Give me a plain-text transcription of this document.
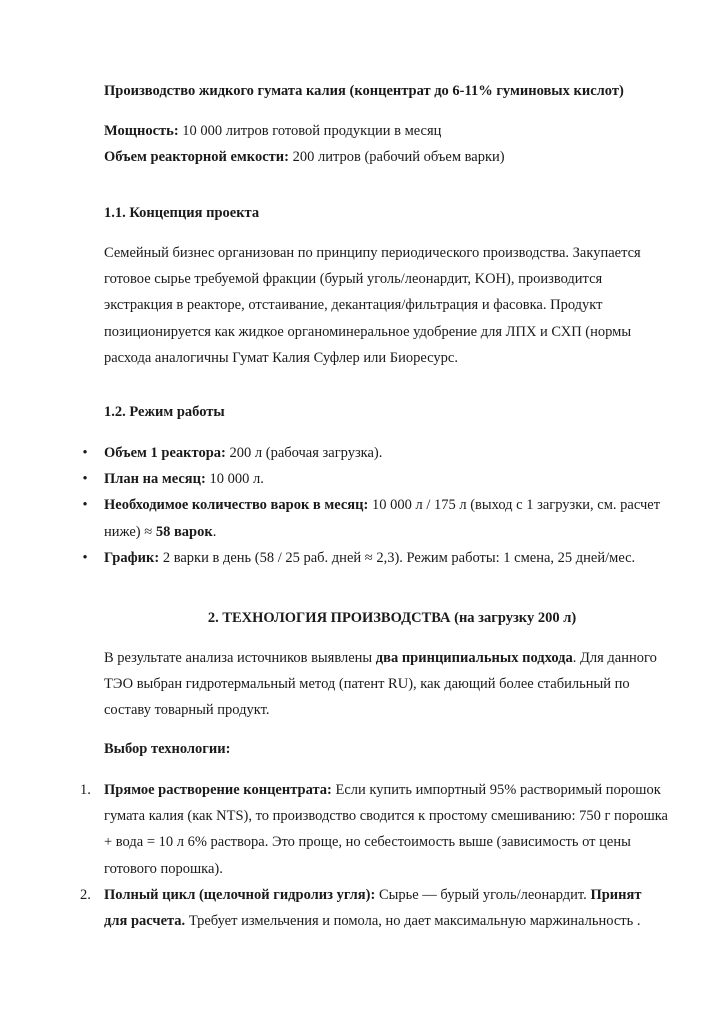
Производство жидкого гумата калия (концентрат до 6-11% гуминовых кислот)
Мощность: 10 000 литров готовой продукции в месяц
Объем реакторной емкости: 200 литров (рабочий объем варки)
1.1. Концепция проекта
Семейный бизнес организован по принципу периодического производства. Закупается готовое сырье требуемой фракции (бурый уголь/леонардит, KOH), производится экстракция в реакторе, отстаивание, декантация/фильтрация и фасовка. Продукт позиционируется как жидкое органоминеральное удобрение для ЛПХ и СХП (нормы расхода аналогичны Гумат Калия Суфлер или Биоресурс.
1.2. Режим работы
• Объем 1 реактора: 200 л (рабочая загрузка).
• План на месяц: 10 000 л.
• Необходимое количество варок в месяц: 10 000 л / 175 л (выход с 1 загрузки, см. расчет ниже) ≈ 58 варок.
• График: 2 варки в день (58 / 25 раб. дней ≈ 2,3). Режим работы: 1 смена, 25 дней/мес.
2. ТЕХНОЛОГИЯ ПРОИЗВОДСТВА (на загрузку 200 л)
В результате анализа источников выявлены два принципиальных подхода. Для данного ТЭО выбран гидротермальный метод (патент RU), как дающий более стабильный по составу товарный продукт.
Выбор технологии:
1. Прямое растворение концентрата: Если купить импортный 95% растворимый порошок гумата калия (как NTS), то производство сводится к простому смешиванию: 750 г порошка + вода = 10 л 6% раствора. Это проще, но себестоимость выше (зависимость от цены готового порошка).
2. Полный цикл (щелочной гидролиз угля): Сырье — бурый уголь/леонардит. Принят для расчета. Требует измельчения и помола, но дает максимальную маржинальность .
